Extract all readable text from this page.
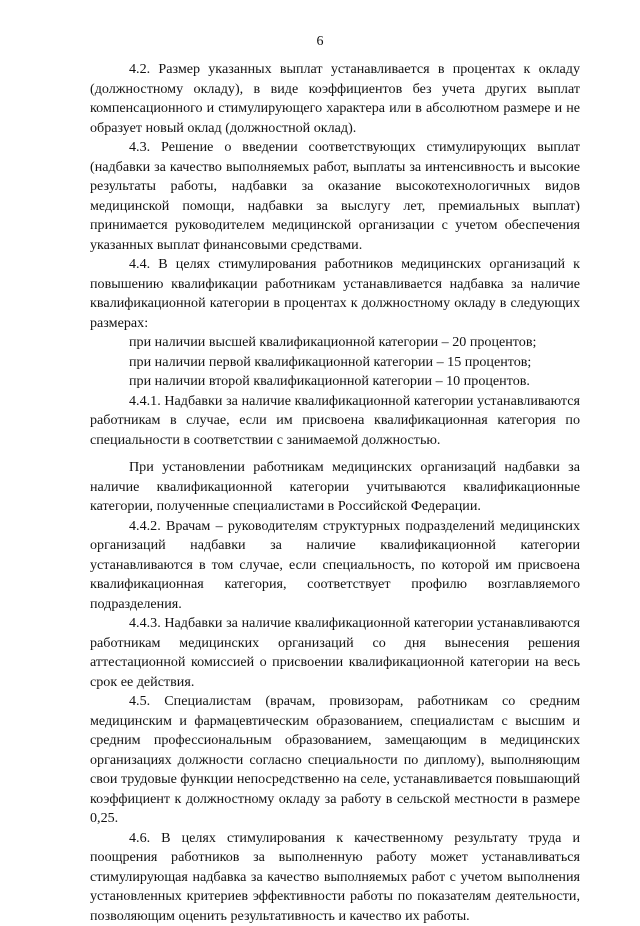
6

4.2. Размер указанных выплат устанавливается в процентах к окладу (должностному окладу), в виде коэффициентов без учета других выплат компенсационного и стимулирующего характера или в абсолютном размере и не образует новый оклад (должностной оклад).

4.3. Решение о введении соответствующих стимулирующих выплат (надбавки за качество выполняемых работ, выплаты за интенсивность и высокие результаты работы, надбавки за оказание высокотехнологичных видов медицинской помощи, надбавки за выслугу лет, премиальных выплат) принимается руководителем медицинской организации с учетом обеспечения указанных выплат финансовыми средствами.

4.4. В целях стимулирования работников медицинских организаций к повышению квалификации работникам устанавливается надбавка за наличие квалификационной категории в процентах к должностному окладу в следующих размерах:

при наличии высшей квалификационной категории – 20 процентов;

при наличии первой квалификационной категории – 15 процентов;

при наличии второй квалификационной категории – 10 процентов.

4.4.1. Надбавки за наличие квалификационной категории устанавливаются работникам в случае, если им присвоена квалификационная категория по специальности в соответствии с занимаемой должностью.

При установлении работникам медицинских организаций надбавки за наличие квалификационной категории учитываются квалификационные категории, полученные специалистами в Российской Федерации.

4.4.2. Врачам – руководителям структурных подразделений медицинских организаций надбавки за наличие квалификационной категории устанавливаются в том случае, если специальность, по которой им присвоена квалификационная категория, соответствует профилю возглавляемого подразделения.

4.4.3. Надбавки за наличие квалификационной категории устанавливаются работникам медицинских организаций со дня вынесения решения аттестационной комиссией о присвоении квалификационной категории на весь срок ее действия.

4.5. Специалистам (врачам, провизорам, работникам со средним медицинским и фармацевтическим образованием, специалистам с высшим и средним профессиональным образованием, замещающим в медицинских организациях должности согласно специальности по диплому), выполняющим свои трудовые функции непосредственно на селе, устанавливается повышающий коэффициент к должностному окладу за работу в сельской местности в размере 0,25.

4.6. В целях стимулирования к качественному результату труда и поощрения работников за выполненную работу может устанавливаться стимулирующая надбавка за качество выполняемых работ с учетом выполнения установленных критериев эффективности работы по показателям деятельности, позволяющим оценить результативность и качество их работы.
